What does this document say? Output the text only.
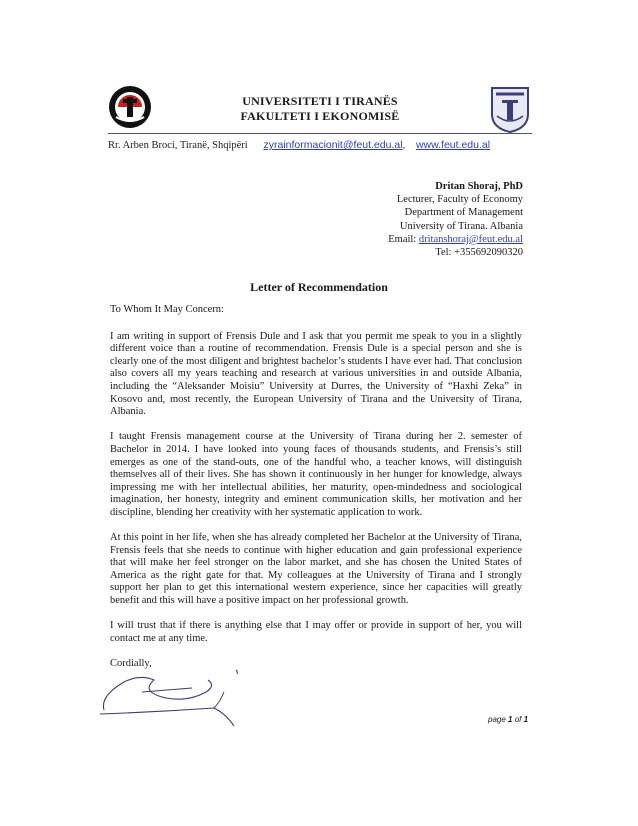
UNIVERSITETI I TIRANËS
FAKULTETI I EKONOMISË
Rr. Arben Broci, Tiranë, Shqipëri zyrainformacionit@feut.edu.al, www.feut.edu.al
Dritan Shoraj, PhD
Lecturer, Faculty of Economy
Department of Management
University of Tirana. Albania
Email: dritanshoraj@feut.edu.al
Tel: +355692090320
Letter of Recommendation

To Whom It May Concern:

I am writing in support of Frensis Dule and I ask that you permit me speak to you in a slightly different voice than a routine of recommendation. Frensis Dule is a special person and she is clearly one of the most diligent and brightest bachelor’s students I have ever had. That conclusion also covers all my years teaching and research at various universities in and outside Albania, including the “Aleksander Moisiu” University at Durres, the University of “Haxhi Zeka” in Kosovo and, most recently, the European University of Tirana and the University of Tirana, Albania.

I taught Frensis management course at the University of Tirana during her 2. semester of Bachelor in 2014. I have looked into young faces of thousands students, and Frensis’s still emerges as one of the stand-outs, one of the handful who, a teacher knows, will distinguish themselves all of their lives. She has shown it continuously in her hunger for knowledge, always impressing me with her intellectual abilities, her maturity, open-mindedness and sociological imagination, her honesty, integrity and eminent communication skills, her motivation and her discipline, blending her creativity with her systematic application to work.

At this point in her life, when she has already completed her Bachelor at the University of Tirana, Frensis feels that she needs to continue with higher education and gain professional experience that will make her feel stronger on the labor market, and she has chosen the United States of America as the right gate for that. My colleagues at the University of Tirana and I strongly support her plan to get this international western experience, since her capacities will greatly benefit and this will have a positive impact on her professional growth.

I will trust that if there is anything else that I may offer or provide in support of her, you will contact me at any time.

Cordially,

page 1 of 1
